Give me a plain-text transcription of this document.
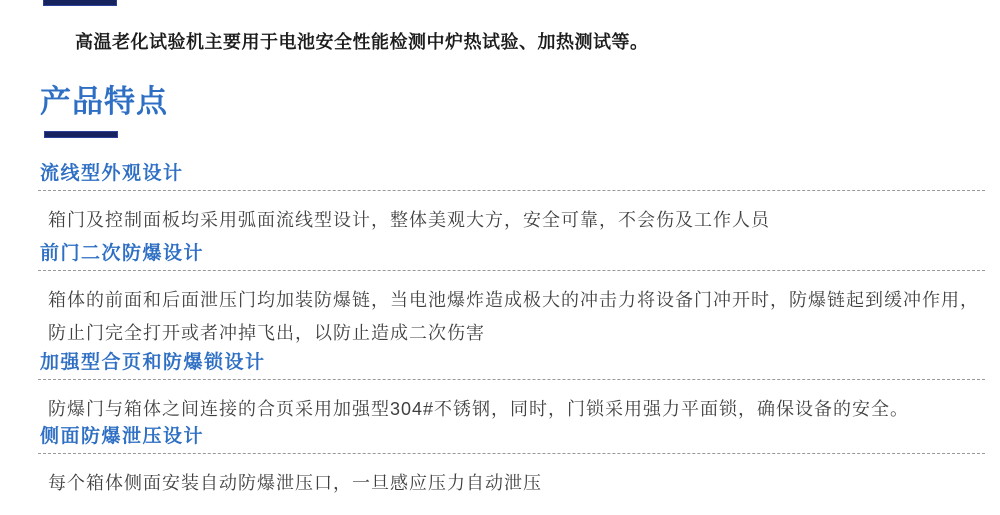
高温老化试验机主要用于电池安全性能检测中炉热试验、加热测试等。

产品特点
流线型外观设计

箱门及控制面板均采用弧面流线型设计，整体美观大方，安全可靠，不会伤及工作人员

前门二次防爆设计

箱体的前面和后面泄压门均加装防爆链，当电池爆炸造成极大的冲击力将设备门冲开时，防爆链起到缓冲作用，

防止门完全打开或者冲掉飞出，以防止造成二次伤害

加强型合页和防爆锁设计

防爆门与箱体之间连接的合页采用加强型304#不锈钢，同时，门锁采用强力平面锁，确保设备的安全。

侧面防爆泄压设计

每个箱体侧面安装自动防爆泄压口，一旦感应压力自动泄压
